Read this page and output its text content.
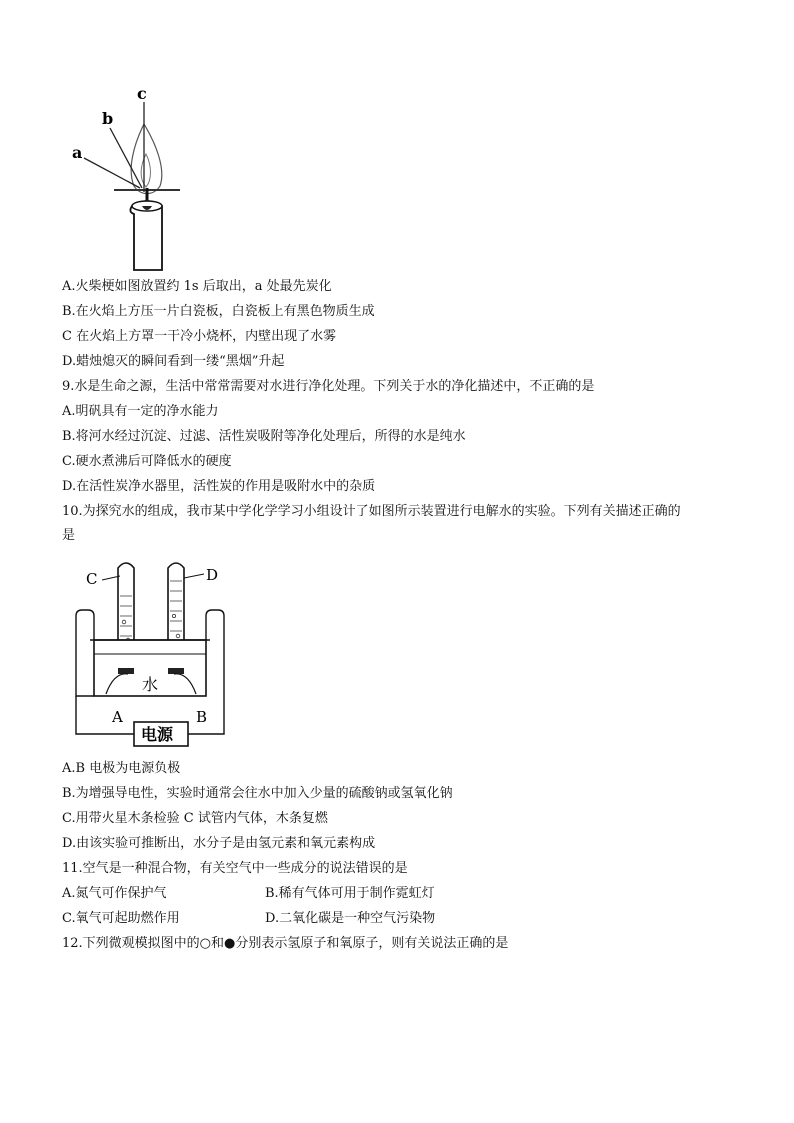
c
b
a
A.火柴梗如图放置约 1s 后取出，a 处最先炭化
B.在火焰上方压一片白瓷板，白瓷板上有黑色物质生成
C 在火焰上方罩一干冷小烧杯，内壁出现了水雾
D.蜡烛熄灭的瞬间看到一缕“黑烟”升起
9.水是生命之源，生活中常常需要对水进行净化处理。下列关于水的净化描述中，不正确的是
A.明矾具有一定的净水能力
B.将河水经过沉淀、过滤、活性炭吸附等净化处理后，所得的水是纯水
C.硬水煮沸后可降低水的硬度
D.在活性炭净水器里，活性炭的作用是吸附水中的杂质
10.为探究水的组成，我市某中学化学学习小组设计了如图所示装置进行电解水的实验。下列有关描述正确的
是
C	D
水
A	B
电源
A.B 电极为电源负极
B.为增强导电性，实验时通常会往水中加入少量的硫酸钠或氢氧化钠
C.用带火星木条检验 C 试管内气体，木条复燃
D.由该实验可推断出，水分子是由氢元素和氧元素构成
11.空气是一种混合物，有关空气中一些成分的说法错误的是
A.氮气可作保护气	B.稀有气体可用于制作霓虹灯
C.氧气可起助燃作用	D.二氧化碳是一种空气污染物
12.下列微观模拟图中的○和●分别表示氢原子和氧原子，则有关说法正确的是
